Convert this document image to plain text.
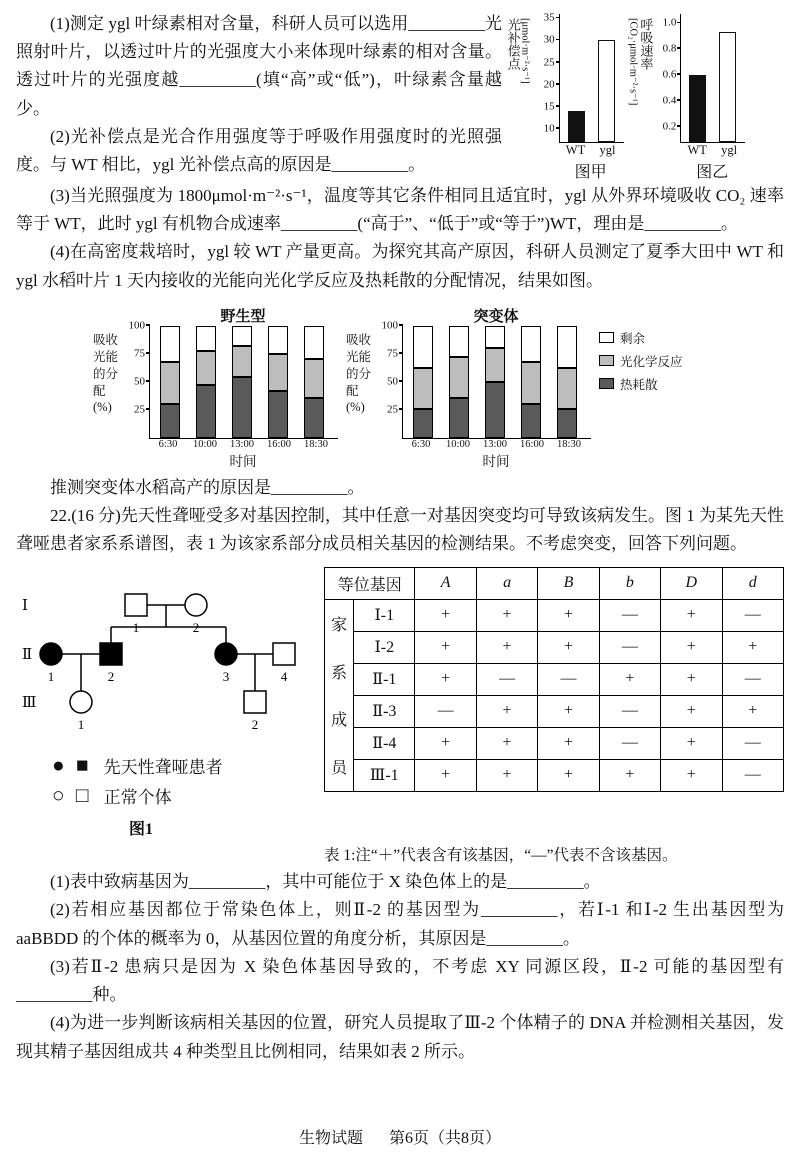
(1)测定 ygl 叶绿素相对含量，科研人员可以选用_________光照射叶片，以透过叶片的光强度大小来体现叶绿素的相对含量。透过叶片的光强度越_________(填“高”或“低”)，叶绿素含量越少。

(2)光补偿点是光合作用强度等于呼吸作用强度时的光照强度。与 WT 相比，ygl 光补偿点高的原因是_________。

光补偿点 [μmol·m⁻²·s⁻¹]
10
15
20
25
30
35
WT ygl
图甲
[CO₂·μmol·m⁻²·s⁻¹] 呼吸速率
0.2
0.4
0.6
0.8
1.0
WT ygl
图乙

(3)当光照强度为 1800μmol·m⁻²·s⁻¹，温度等其它条件相同且适宜时，ygl 从外界环境吸收 CO₂ 速率等于 WT，此时 ygl 有机物合成速率_________(“高于”、“低于”或“等于”)WT，理由是_________。

(4)在高密度栽培时，ygl 较 WT 产量更高。为探究其高产原因，科研人员测定了夏季大田中 WT 和 ygl 水稻叶片 1 天内接收的光能向光化学反应及热耗散的分配情况，结果如图。

野生型
吸收光能的分配(%)	25
50
75
100
6:30	10:00	13:00	16:00	18:30
时间
突变体
吸收光能的分配(%)	25
50
75
100
6:30	10:00	13:00	16:00	18:30
时间
剩余
光化学反应
热耗散

推测突变体水稻高产的原因是_________。

22.(16 分)先天性聋哑受多对基因控制，其中任意一对基因突变均可导致该病发生。图 1 为某先天性聋哑患者家系系谱图，表 1 为该家系部分成员相关基因的检测结果。不考虑突变，回答下列问题。

Ⅰ
1	2
Ⅱ
1	2	3	4
Ⅲ
1	2
● ■ 先天性聋哑患者
○ □ 正常个体
图1
等位基因		A	a	B	b	D	d

家
系
成
员	Ⅰ-1	+	+	+	—	+	—
	Ⅰ-2	+	+	+	—	+	+
	Ⅱ-1	+	—	—	+	+	—
	Ⅱ-3	—	+	+	—	+	+
	Ⅱ-4	+	+	+	—	+	—
	Ⅲ-1	+	+	+	+	+	—

表 1:注“＋”代表含有该基因，“—”代表不含该基因。

(1)表中致病基因为_________，其中可能位于 X 染色体上的是_________。

(2)若相应基因都位于常染色体上，则Ⅱ-2 的基因型为_________，若Ⅰ-1 和Ⅰ-2 生出基因型为 aaBBDD 的个体的概率为 0，从基因位置的角度分析，其原因是_________。

(3)若Ⅱ-2 患病只是因为 X 染色体基因导致的，不考虑 XY 同源区段，Ⅱ-2 可能的基因型有_________种。

(4)为进一步判断该病相关基因的位置，研究人员提取了Ⅲ-2 个体精子的 DNA 并检测相关基因，发现其精子基因组成共 4 种类型且比例相同，结果如表 2 所示。

生物试题 第6页（共8页）
